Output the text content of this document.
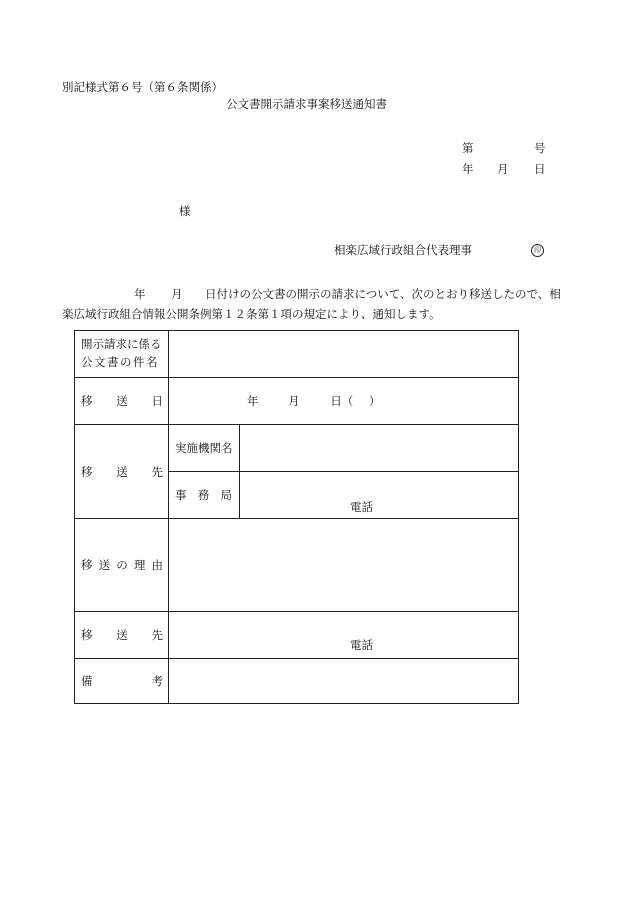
別記様式第６号（第６条関係）
公文書開示請求事案移送通知書
第	号
年 月 日
様
相楽広域行政組合代表理事	印
年 月 日付けの公文書の開示の請求について、次のとおり移送したので、相
楽広域行政組合情報公開条例第１２条第１項の規定により、通知します。
開示請求に係る
公文書の件名		

移 送 日	年 月 日（ ）	

移 送 先	実施機関名	

	事 務 局	電話

移 送 の 理 由		

移 送 先	電話	

備 考		
